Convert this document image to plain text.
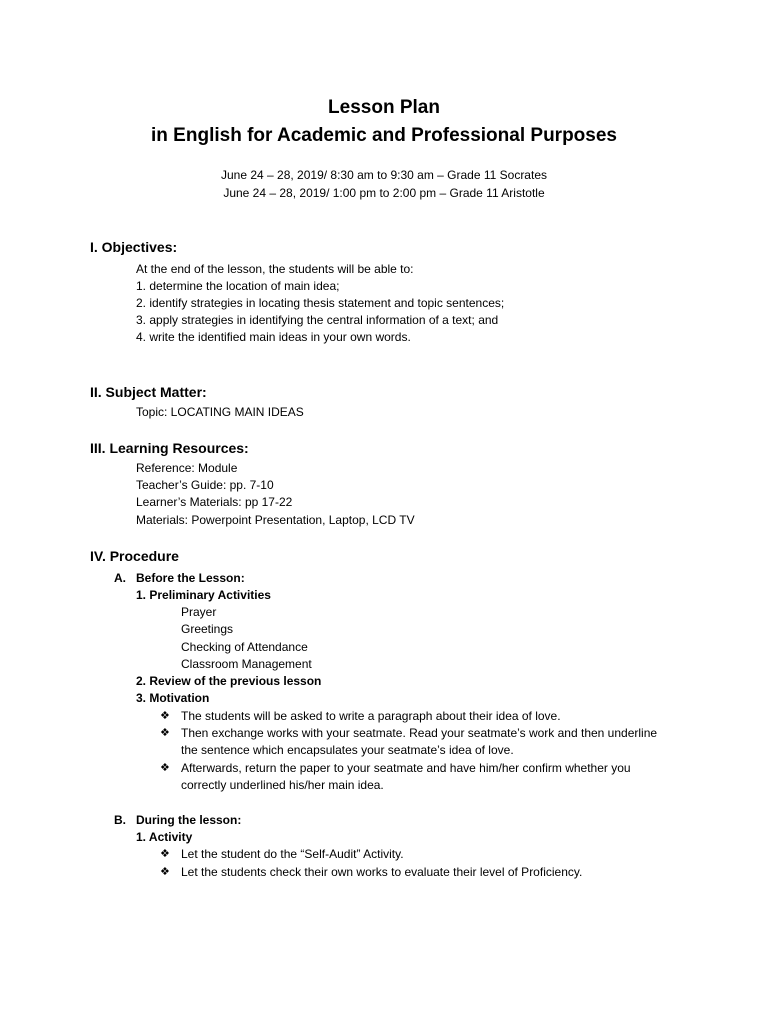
Lesson Plan
in English for Academic and Professional Purposes
June 24 – 28, 2019/ 8:30 am to 9:30 am – Grade 11 Socrates
June 24 – 28, 2019/ 1:00 pm to 2:00 pm – Grade 11 Aristotle
I. Objectives:
At the end of the lesson, the students will be able to:
1. determine the location of main idea;
2. identify strategies in locating thesis statement and topic sentences;
3. apply strategies in identifying the central information of a text; and
4. write the identified main ideas in your own words.
II. Subject Matter:
Topic: LOCATING MAIN IDEAS
III. Learning Resources:
Reference: Module
Teacher’s Guide: pp. 7-10
Learner’s Materials: pp 17-22
Materials: Powerpoint Presentation, Laptop, LCD TV
IV. Procedure
A. Before the Lesson:
1. Preliminary Activities
Prayer
Greetings
Checking of Attendance
Classroom Management
2. Review of the previous lesson
3. Motivation
❖ The students will be asked to write a paragraph about their idea of love.
❖ Then exchange works with your seatmate. Read your seatmate’s work and then underline
the sentence which encapsulates your seatmate’s idea of love.
❖ Afterwards, return the paper to your seatmate and have him/her confirm whether you
correctly underlined his/her main idea.
B. During the lesson:
1. Activity
❖ Let the student do the “Self-Audit” Activity.
❖ Let the students check their own works to evaluate their level of Proficiency.
